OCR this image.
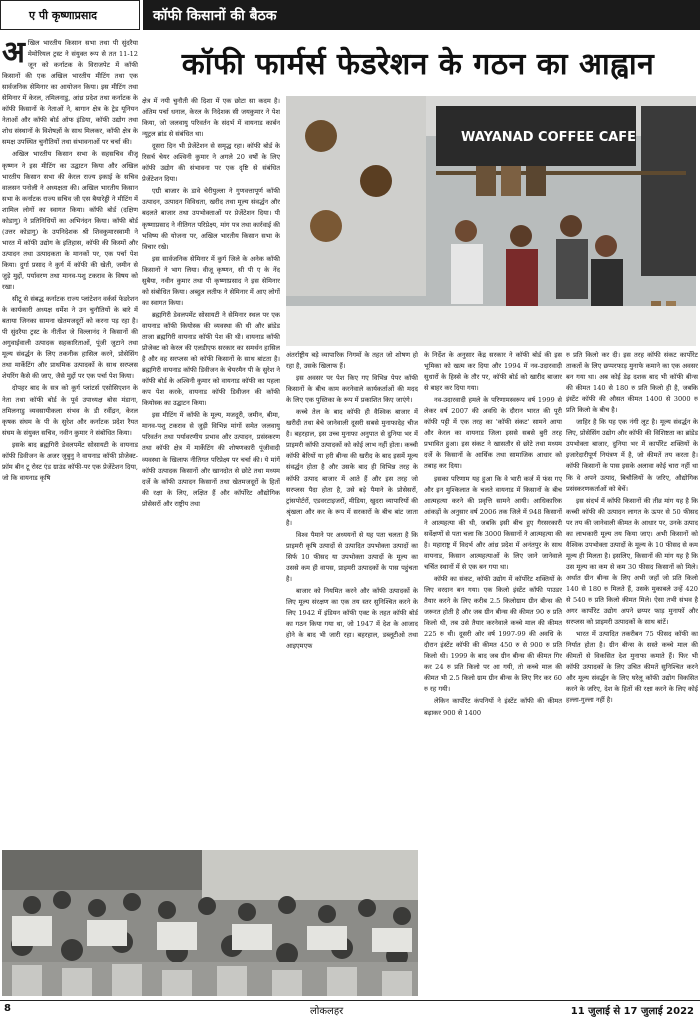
ए पी कृष्णाप्रसाद	कॉफी किसानों की बैठक
कॉफी फार्मर्स फेडरेशन के गठन का आह्वान
अ खिल भारतीय किसान सभा तथा पी सुंदरैया मेमोरियल ट्रस्ट ने संयुक्त रूप से तत 11-12 जून को कर्नाटक के विराजपेट में कॉफी किसानों की एक अखिल भारतीय मीटिंग तथा एक सार्वजनिक सेमिनार का आयोजन किया। इस मीटिंग तथा सेमिनार में केरल, तमिलनाडु, आंध्र प्रदेश तथा कर्नाटक के कॉफी किसानों के नेताओं ने, बागान क्षेत्र के ट्रेड यूनियन नेताओं और कॉफी बोर्ड ऑफ इंडिया, कॉफी उद्योग तथा शोध संस्थानों के विशेषज्ञों के साथ मिलकर, कॉफी क्षेत्र के समक्ष उपस्थित चुनौतियों तथा संभावनाओं पर चर्चा की।

अखिल भारतीय किसान सभा के सहसचिव वीजू कृष्णन ने इस मीटिंग का उद्घाटन किया और अखिल भारतीय किसान सभा की केरल राज्य इकाई के सचिव वालसन पनोली ने अध्यक्षता की। अखिल भारतीय किसान सभा के कर्नाटक राज्य सचिव जी एस बैयारेड्डी ने मीटिंग में शामिल लोगों का स्वागत किया। कॉफी बोर्ड (दक्षिण कोडागु) ने प्रतिनिधियों का अभिनंदन किया। कॉफी बोर्ड (उत्तर कोडागु) के उपनिदेशक श्री शिवकुमारस्वामी ने भारत में कॉफी उद्योग के इतिहास, कॉफी की किस्मों और उत्पादन तथा उत्पादकता के मानकों पर, एक पर्चा पेश किया। दुर्गा प्रसाद ने कुर्ग में कॉफी की खेती, जमीन से जुड़े मुद्दों, पर्यावरण तथा मानव-पशु टकराव के विषय को रखा।

सीटू से संबद्ध कर्नाटक राज्य प्लांटेशन वर्कर्स फेडरेशन के कार्यकारी अध्यक्ष धर्मेश ने उन चुनौतियों के बारे में बताया जिनका सामना खेतमजदूरों को करना पड़ रहा है। पी सुंदरैया ट्रस्ट के नीतीश जे विल्लानंद ने किसानों की अगुवाईवाली उत्पादक सहकारिताओं, पूंजी जुटाने तथा मूल्य संवर्द्धन के लिए तकनीक हासिल करने, प्रोसेसिंग तथा मार्केटिंग और प्राथमिक उत्पादकों के साथ सरप्लस शेयरिंग कैसे की जाए, जैसे मुद्दों पर एक पर्चा पेश किया।

दोपहर बाद के सत्र को कूर्ग प्लांटर्स एसोसिएशन के नेता तथा कॉफी बोर्ड के पूर्व उपाध्यक्ष बोस मंडाना, तमिलनाडु व्यवसायीकला संभव के डी रवींद्रन, केरल कृषक संघम के पी के सुरेश और कर्नाटक प्रदेश रैयत संघम के संयुक्त सचिव, नवीन कुमार ने संबोधित किया।

इसके बाद ब्रह्मगिरी डेवलपमेंट सोसायटी के वायनाड कॉफी डिवीजन के अजर जुबुनु ने वायनाड कॉफी प्रोजेक्ट-फ्रॉम बीन टू रोस्ट एंड ग्राउंड कॉफी-पर एक प्रेजेंटेशन दिया, जो कि वायनाड कृषि

क्षेत्र में नयी चुनौती की दिशा में एक छोटा सा कदम है। अंतिम पर्चा धनाल, केरल के निदेशक सी जयकुमार ने पेश किया, जो जलवायु परिवर्तन के संदर्भ में वायनाड कार्बन न्यूट्रल ब्रांड से संबंधित था।

दूसरा दिन भी प्रेजेंटेशन से समृद्ध रहा। कॉफी बोर्ड के रिसर्च चेयर अश्विनी कुमार ने अगले 20 वर्षों के लिए कॉफी उद्योग की संभावना पर एक दृष्टि से संबंधित प्रेजेंटेशन दिया।

एग्री बाजार के डावे चेरीयुल्ला ने गुणवत्तापूर्ण कॉफी उत्पादन, उत्पादन विविधता, खरीद तथा मूल्य संवर्द्धन और बदलते बाजार तथा उपभोक्ताओं पर प्रेजेंटेशन दिया। पी कृष्णाप्रसाद ने नीतिगत परिप्रेक्ष्य, मांग पत्र तथा कार्रवाई की भविष्य की योजना पर, अखिल भारतीय किसान सभा के विचार रखे।

इस सार्वजनिक सेमिनार में कुर्ग जिले के अनेक कॉफी किसानों ने भाग लिया। वीजू कृष्णन, सी पी ए के नेंद सुबैया, नवीन कुमार तथा पी कृष्णाप्रसाद ने इस सेमिनार को संबोधित किया। अब्दुल लतीफ ने सेमिनार में आए लोगों का स्वागत किया।

ब्रह्मगिरी डेवलपमेंट सोसायटी ने सेमिनार स्थल पर एक वायनाड कॉफी कियोस्क की व्यवस्था की थी और ब्रांडेड ताजा ब्रह्मगिरी वायनाड कॉफी पेश की थी। वायनाड कॉफी प्रोजेक्ट को केरल की एलडीएफ सरकार का समर्थन हासिल है और वह सरप्लस को कॉफी किसानों के साथ बांटता है। ब्रह्मगिरी वायनाड कॉफी डिवीजन के चेयरमैन पी के सुरेश ने कॉफी बोर्ड के अश्विनी कुमार को वायनाड कॉफी का पहला कप पेश करके, वायनाड कॉफी डिवीजन की कॉफी कियोस्क का उद्घाटन किया।

इस मीटिंग में कॉफी के मूल्य, मजदूरी, जमीन, बीमा, मानव-पशु टकराव से जुड़ी विभिन्न मांगों समेत जलवायु परिवर्तन तथा पर्यावरणीय प्रभाव और उत्पादन, प्रसंस्करण तथा कॉफी क्षेत्र में मार्केटिंग की शोषणकारी पूंजीवादी व्यवस्था के खिलाफ नीतिगत परिप्रेक्ष्य पर चर्चा की। ये मांगें कॉफी उत्पादक किसानों और खानदोत से छोटे तथा मध्यम दर्जे के कॉफी उत्पादन किसानों तथा खेतमजदूरों के हितों की रक्षा के लिए, लक्षित हैं और कॉर्पोरेट औद्योगिक प्रोसेसरों और राष्ट्रीय तथा

WAYANAD COFFEE CAFE

अंतर्राष्ट्रीय बड़े व्यापारिक निगमों के तहत जो शोषण हो रहा है, उसके खिलाफ हैं।

इस अवसर पर पेश किए गए विभिन्न पेपर कॉफी किसानों के बीच काम करनेवाले कार्यकर्ताओं की मदद के लिए एक पुस्तिका के रूप में प्रकाशित किए जाएंगे।

कच्चे तेल के बाद कॉफी ही वैश्विक बाजार में खरीदी तथा बेचे जानेवाली दूसरी सबसे मुनाफादेह चीज है। बहरहाल, इस उच्च मुनाफा अनुपात से दुनिया भर में प्राइमरी कॉफी उत्पादकों को कोई लाभ नहीं होता। कच्ची कॉफी बेरियों या हरी बीन्स की खरीद के बाद इसमें मूल्य संवर्द्धन होता है और उसके बाद ही विभिन्न तरह के कॉफी उत्पाद बाजार में आते हैं और इस तरह जो सरप्लस पैदा होता है, उसे बड़े पैमाने के प्रोसेसरों, ट्रांसपोर्टरों, एडवरटाइजरों, मीडिया, खुदरा व्यापारियों की श्रृंखला और कर के रूप में सरकारों के बीच बांट जाता है।

विश्व पैमाने पर अध्ययनों से यह पता चलता है कि प्राइमरी कृषि उत्पादों से उत्पादित उपभोक्ता उत्पादों का सिर्फ 10 फीसद या उपभोक्ता उत्पादों के मूल्य का उससे कम ही वापस, प्राइमरी उत्पादकों के पास पहुंचता है।

बाजार को नियमित करने और कॉफी उत्पादकों के लिए मूल्य संरक्षण का एक तय स्तर सुनिश्चित करने के लिए 1942 में इंडियन कॉफी एक्ट के तहत कॉफी बोर्ड का गठन किया गया था, जो 1947 में देश के आजाद होने के बाद भी जारी रहा। बहरहाल, डब्लूटीओ तथा आइएमएफ

के निर्देश के अनुसार केंद्र सरकार ने कॉफी बोर्ड की इस भूमिका को खत्म कर दिया और 1994 में नव-उदारवादी सुधारों के हिस्से के तौर पर, कॉफी बोर्ड को खारीद बाजार से बाहर कर दिया गया।

नव-उदारवादी हमले के परिणामस्वरूप वर्ष 1999 से लेकर वर्ष 2007 की अवधि के दौरान भारत की पूरी कॉफी पट्टी में एक तरह का 'कॉफी संकट' सामने आया और केरल का वायनाड जिला इससे सबसे बुरी तरह प्रभावित हुआ। इस संकट ने खासतौर से छोटे तथा मध्यम दर्जे के किसानों के आर्थिक तथा सामाजिक आधार को तबाह कर दिया।

इसका परिणाम यह हुआ कि वे भारी कर्ज में फंस गए और इन मुश्किलात के चलते वायनाड में किसानों के बीच आत्महत्या करने की प्रवृत्ति सामने आयी। आधिकारिक आंकड़ों के अनुसार वर्ष 2006 तक जिले में 948 किसानों ने आत्महत्या की थी, जबकि इसी बीच हुए गैरसरकारी सर्वेक्षणों से पता चला कि 3000 किसानों ने आत्महत्या की है। महाराष्ट्र में विदर्भ और आंध्र प्रदेश में अनंतपुर के साथ वायनाड, किसान आत्महत्याओं के लिए जाने जानेवाले चर्चित स्थानों में से एक बन गया था।

कॉफी का संकट, कॉफी उद्योग में कॉर्पोरेट शक्तियों के लिए वरदान बन गया। एक किलो इंस्टेंट कॉफी पाउडर तैयार करने के लिए करीब 2.5 किलोग्राम ग्रीन बीन्स की जरूरत होती है और जब ग्रीन बीन्स की कीमत 90 रु प्रति किलो थी, तब उसे तैयार करनेवाले कच्चे माल की कीमत 225 रु थी। दूसरी ओर वर्ष 1997-99 की अवधि के दौरान इंस्टेंट कॉफी की कीमत 450 रु से 900 रु प्रति किलो थी। 1999 के बाद जब ग्रीन बीन्स की कीमत गिर कर 24 रु प्रति किलो पर आ गयी, तो कच्चे माल की कीमत भी 2.5 किलो ग्राम ग्रीन बीन्स के लिए गिर कर 60 रु रह गयी।

लेकिन कार्पोरेट कंपनियों ने इंस्टेंट कॉफी की कीमत बढ़ाकर 900 से 1400

रु प्रति किलो कर दी। इस तरह कॉफी संकट कार्पोरेट ताकतों के लिए छप्परफाड़ मुनाफे कमाने का एक अवसर बन गया था। अब कोई डेढ़ दशक बाद भी कॉफी बीन्स की कीमत 140 से 180 रु प्रति किलो ही है, जबकि इंस्टेंट कॉफी की औसत कीमत 1400 से 3000 रु प्रति किलो के बीच है।

जाहिर है कि यह एक नंगी लूट है। मूल्य संवर्द्धन के लिए, प्रोसेसिंग उद्योग और कॉफी की विशिष्टता का ब्रांडेड उपभोक्ता बाजार, दुनिया भर में कार्पोरेट शक्तियों के इजारेदारीपूर्ण नियंत्रण में है, जो कीमतें तय करता है। कॉफी किसानों के पास इसके अलावा कोई चारा नहीं था कि वे अपने उत्पाद, बिचौलियों के जरिए, औद्योगिक प्रसंस्करणकर्ताओं को बेचें।

इस संदर्भ में कॉफी किसानों की तीव्र मांग यह है कि कच्ची कॉफी की उत्पादन लागत के ऊपर से 50 फीसद पर तय की जानेवाली कीमत के आधार पर, उनके उत्पाद का लाभकारी मूल्य तय किया जाए। अभी किसानों को वैश्विक उपभोक्ता उत्पादों के मूल्य के 10 फीसद से कम मूल्य ही मिलता है। इसलिए, किसानों की मांग यह है कि उस मूल्य का कम से कम 30 फीसद किसानों को मिले। अर्थात ग्रीन बीन्स के लिए अभी जहाँ जो प्रति किलो 140 से 180 रु मिलते हैं, उसके मुकाबले उन्हें 420 से 540 रु प्रति किलो कीमत मिले। ऐसा तभी संभव है अगर कार्पोरेट उद्योग अपने छप्पर फाड़ मुनाफों और सरप्लस को प्राइमरी उत्पादकों के साथ बांटें।

भारत में उत्पादित तकरीबन 75 फीसद कॉफी का निर्यात होता है। ग्रीन बीन्स के सस्ते कच्चे माल की कीमतों से विकसित देश मुनाफा कमाते हैं। फिर भी कॉफी उत्पादकों के लिए उचित कीमतें सुनिश्चित करने और मूल्य संवर्द्धन के लिए घरेलू कॉफी उद्योग विकसित करने के जरिए, देश के हितों की रक्षा करने के लिए कोई हल्ला-गुल्ला नहीं है।

8	लोकलहर	11 जुलाई से 17 जुलाई 2022
